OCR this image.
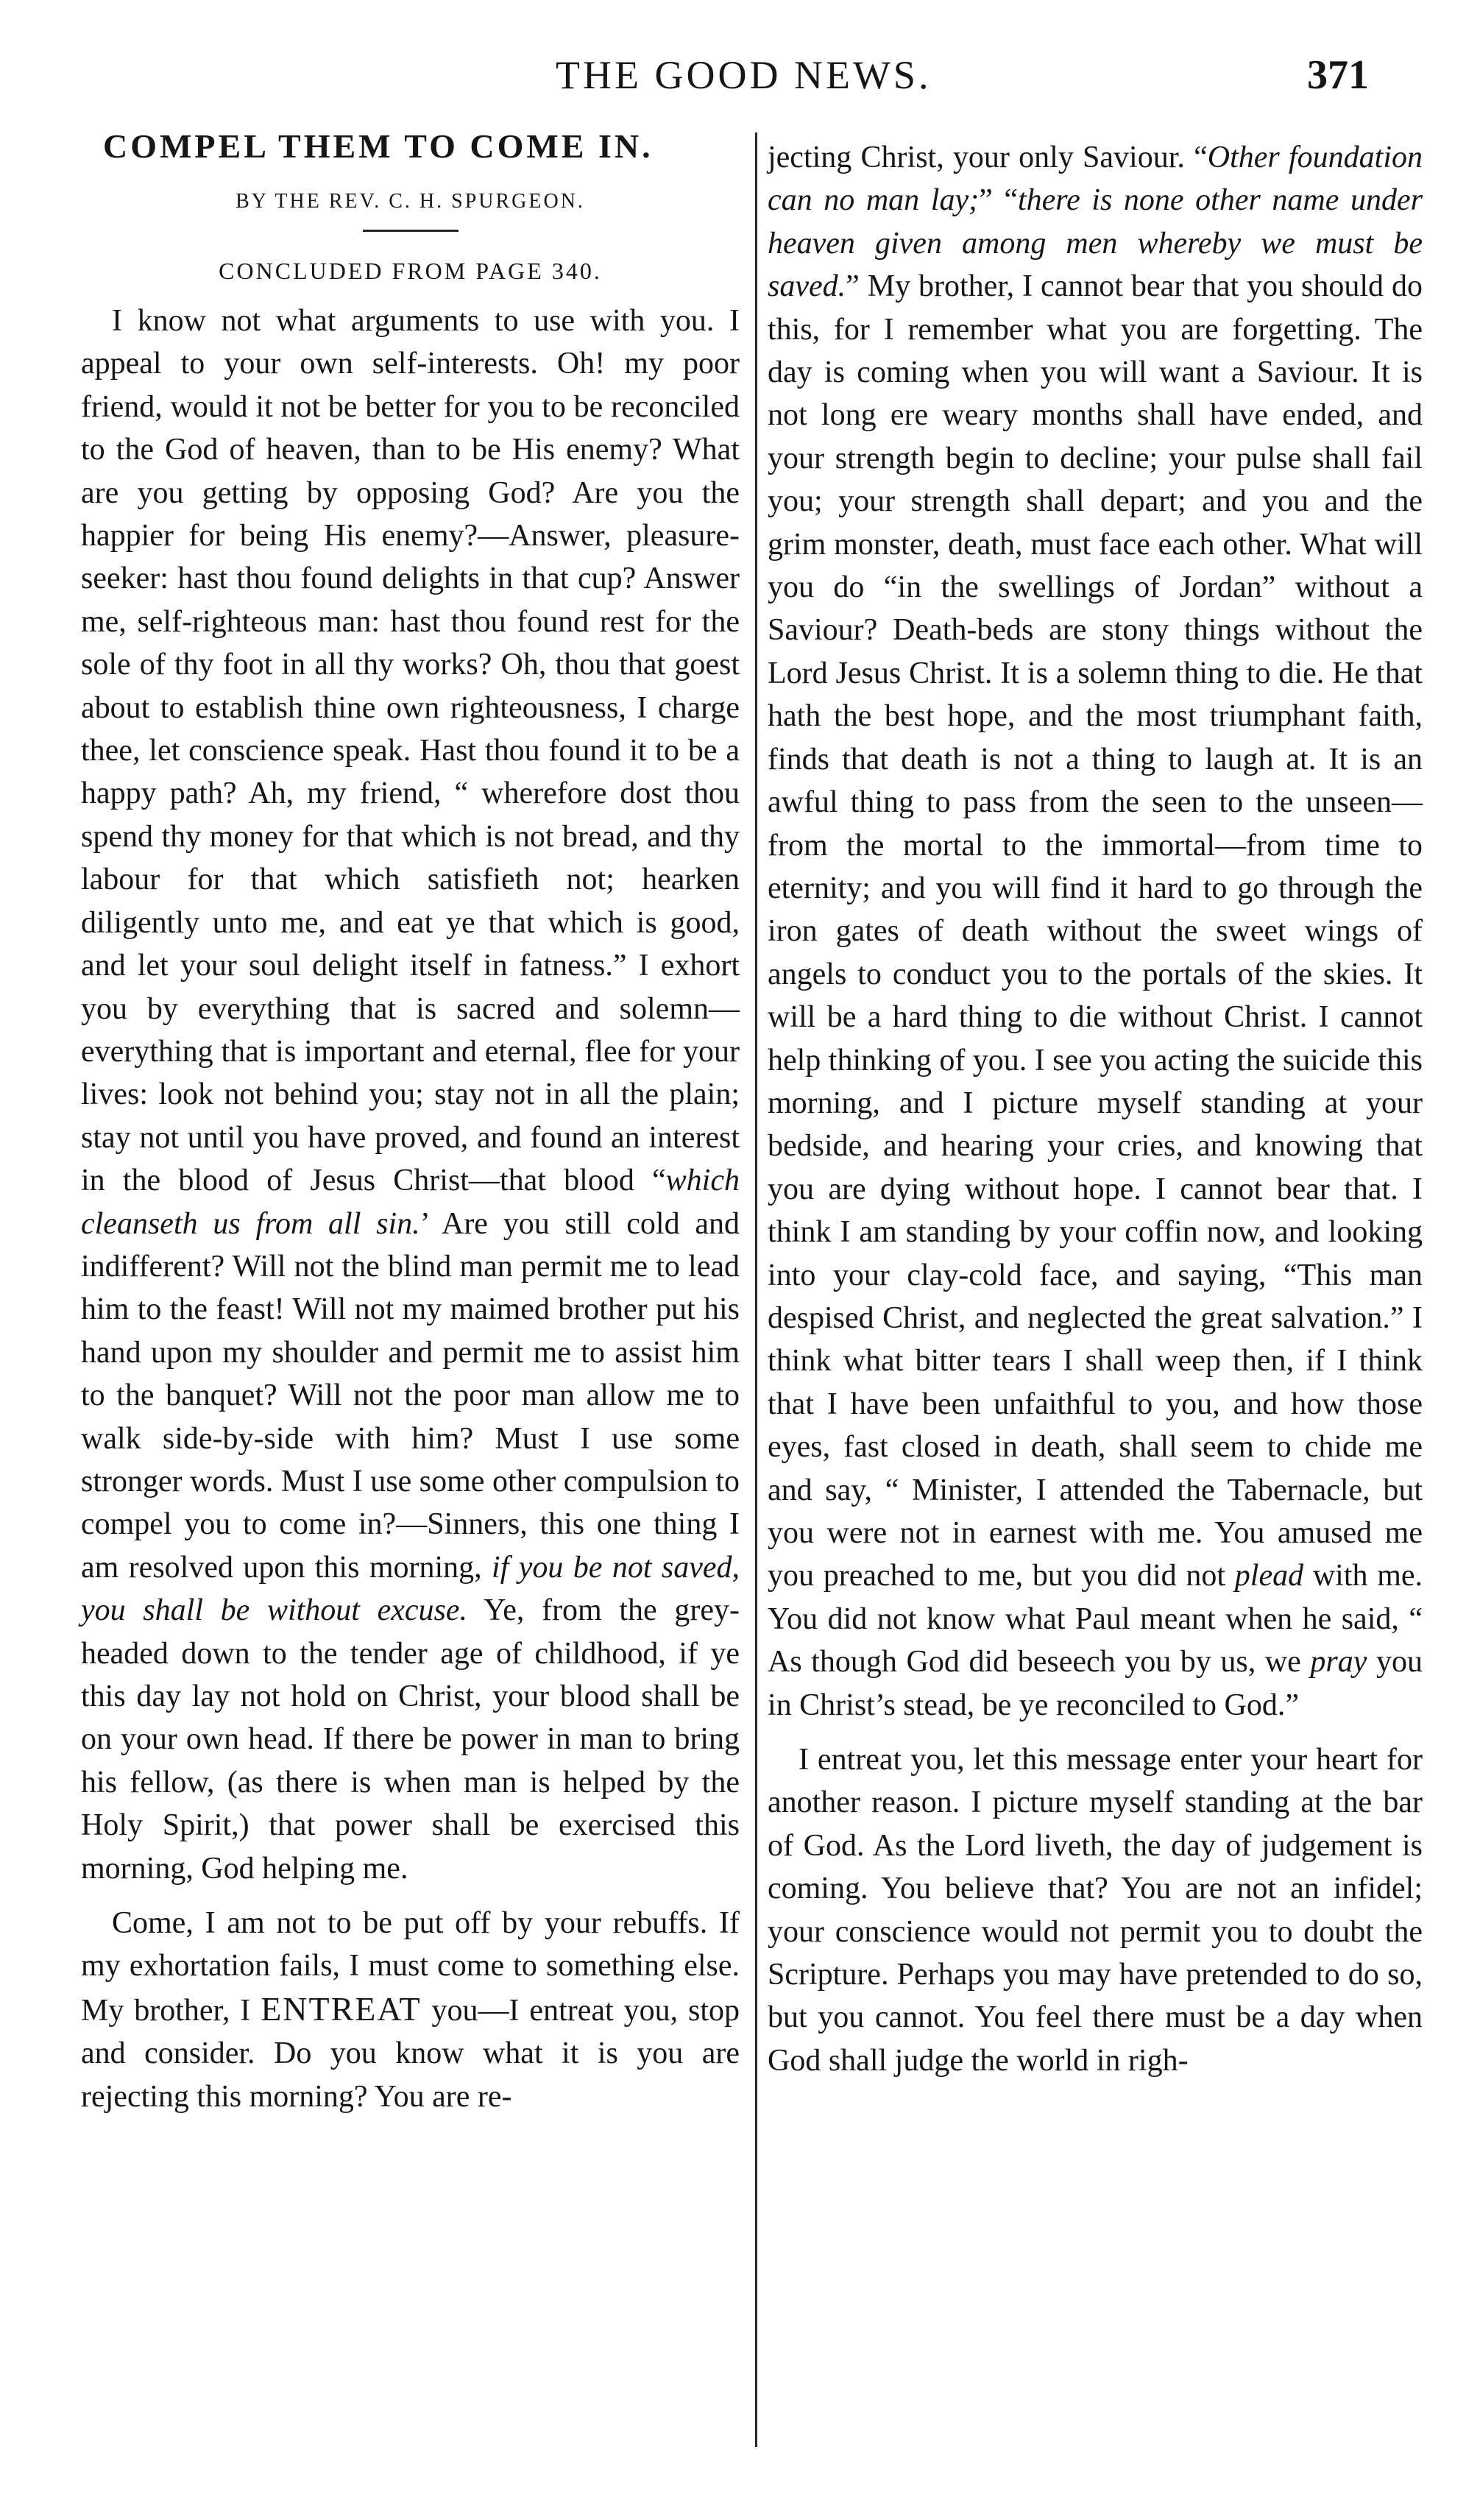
THE GOOD NEWS.	371
COMPEL THEM TO COME IN.

BY THE REV. C. H. SPURGEON.

CONCLUDED FROM PAGE 340.

I know not what arguments to use with you. I appeal to your own self-interests. Oh! my poor friend, would it not be better for you to be reconciled to the God of heaven, than to be His enemy? What are you getting by opposing God? Are you the happier for being His enemy?—Answer, pleasure-seeker: hast thou found delights in that cup? Answer me, self-righteous man: hast thou found rest for the sole of thy foot in all thy works? Oh, thou that goest about to establish thine own righteousness, I charge thee, let conscience speak. Hast thou found it to be a happy path? Ah, my friend, “ wherefore dost thou spend thy money for that which is not bread, and thy labour for that which satisfieth not; hearken diligently unto me, and eat ye that which is good, and let your soul delight itself in fatness.” I exhort you by everything that is sacred and solemn—everything that is important and eternal, flee for your lives: look not behind you; stay not in all the plain; stay not until you have proved, and found an interest in the blood of Jesus Christ—that blood “which cleanseth us from all sin.’ Are you still cold and indifferent? Will not the blind man permit me to lead him to the feast! Will not my maimed brother put his hand upon my shoulder and permit me to assist him to the banquet? Will not the poor man allow me to walk side-by-side with him? Must I use some stronger words. Must I use some other compulsion to compel you to come in?—Sinners, this one thing I am resolved upon this morning, if you be not saved, you shall be without excuse. Ye, from the grey-headed down to the tender age of childhood, if ye this day lay not hold on Christ, your blood shall be on your own head. If there be power in man to bring his fellow, (as there is when man is helped by the Holy Spirit,) that power shall be exercised this morning, God helping me.

Come, I am not to be put off by your rebuffs. If my exhortation fails, I must come to something else. My brother, I ENTREAT you—I entreat you, stop and consider. Do you know what it is you are rejecting this morning? You are re-

jecting Christ, your only Saviour. “Other foundation can no man lay;” “there is none other name under heaven given among men whereby we must be saved.” My brother, I cannot bear that you should do this, for I remember what you are forgetting. The day is coming when you will want a Saviour. It is not long ere weary months shall have ended, and your strength begin to decline; your pulse shall fail you; your strength shall depart; and you and the grim monster, death, must face each other. What will you do “in the swellings of Jordan” without a Saviour? Death-beds are stony things without the Lord Jesus Christ. It is a solemn thing to die. He that hath the best hope, and the most triumphant faith, finds that death is not a thing to laugh at. It is an awful thing to pass from the seen to the unseen—from the mortal to the immortal—from time to eternity; and you will find it hard to go through the iron gates of death without the sweet wings of angels to conduct you to the portals of the skies. It will be a hard thing to die without Christ. I cannot help thinking of you. I see you acting the suicide this morning, and I picture myself standing at your bedside, and hearing your cries, and knowing that you are dying without hope. I cannot bear that. I think I am standing by your coffin now, and looking into your clay-cold face, and saying, “This man despised Christ, and neglected the great salvation.” I think what bitter tears I shall weep then, if I think that I have been unfaithful to you, and how those eyes, fast closed in death, shall seem to chide me and say, “ Minister, I attended the Tabernacle, but you were not in earnest with me. You amused me you preached to me, but you did not plead with me. You did not know what Paul meant when he said, “ As though God did beseech you by us, we pray you in Christ’s stead, be ye reconciled to God.”

I entreat you, let this message enter your heart for another reason. I picture myself standing at the bar of God. As the Lord liveth, the day of judgement is coming. You believe that? You are not an infidel; your conscience would not permit you to doubt the Scripture. Perhaps you may have pretended to do so, but you cannot. You feel there must be a day when God shall judge the world in righ-
